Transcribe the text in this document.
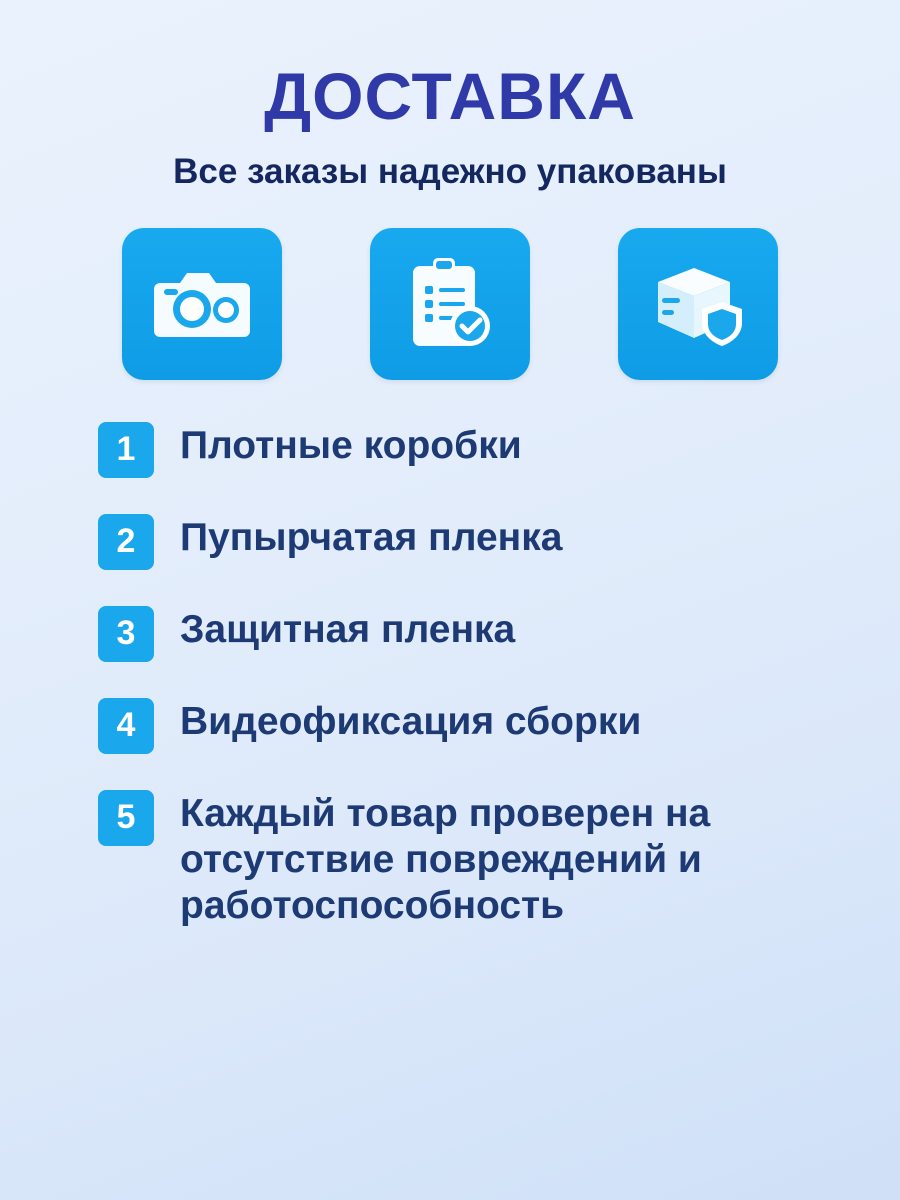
ДОСТАВКА

Все заказы надежно упакованы

1	Плотные коробки
2	Пупырчатая пленка
3	Защитная пленка
4	Видеофиксация сборки
5	Каждый товар проверен на отсутствие повреждений и работоспособность
